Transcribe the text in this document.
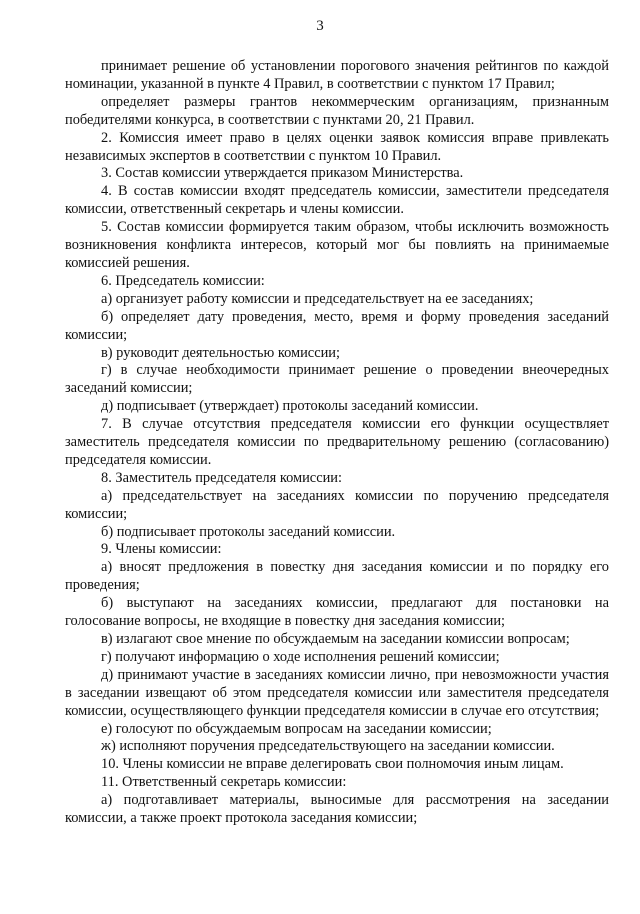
3

принимает решение об установлении порогового значения рейтингов по каждой номинации, указанной в пункте 4 Правил, в соответствии с пунктом 17 Правил;

определяет размеры грантов некоммерческим организациям, признанным победителями конкурса, в соответствии с пунктами 20, 21 Правил.

2. Комиссия имеет право в целях оценки заявок комиссия вправе привлекать независимых экспертов в соответствии с пунктом 10 Правил.

3. Состав комиссии утверждается приказом Министерства.

4. В состав комиссии входят председатель комиссии, заместители председателя комиссии, ответственный секретарь и члены комиссии.

5. Состав комиссии формируется таким образом, чтобы исключить возможность возникновения конфликта интересов, который мог бы повлиять на принимаемые комиссией решения.

6. Председатель комиссии:

а) организует работу комиссии и председательствует на ее заседаниях;

б) определяет дату проведения, место, время и форму проведения заседаний комиссии;

в) руководит деятельностью комиссии;

г) в случае необходимости принимает решение о проведении внеочередных заседаний комиссии;

д) подписывает (утверждает) протоколы заседаний комиссии.

7. В случае отсутствия председателя комиссии его функции осуществляет заместитель председателя комиссии по предварительному решению (согласованию) председателя комиссии.

8. Заместитель председателя комиссии:

а) председательствует на заседаниях комиссии по поручению председателя комиссии;

б) подписывает протоколы заседаний комиссии.

9. Члены комиссии:

а) вносят предложения в повестку дня заседания комиссии и по порядку его проведения;

б) выступают на заседаниях комиссии, предлагают для постановки на голосование вопросы, не входящие в повестку дня заседания комиссии;

в) излагают свое мнение по обсуждаемым на заседании комиссии вопросам;

г) получают информацию о ходе исполнения решений комиссии;

д) принимают участие в заседаниях комиссии лично, при невозможности участия в заседании извещают об этом председателя комиссии или заместителя председателя комиссии, осуществляющего функции председателя комиссии в случае его отсутствия;

е) голосуют по обсуждаемым вопросам на заседании комиссии;

ж) исполняют поручения председательствующего на заседании комиссии.

10. Члены комиссии не вправе делегировать свои полномочия иным лицам.

11. Ответственный секретарь комиссии:

а) подготавливает материалы, выносимые для рассмотрения на заседании комиссии, а также проект протокола заседания комиссии;
